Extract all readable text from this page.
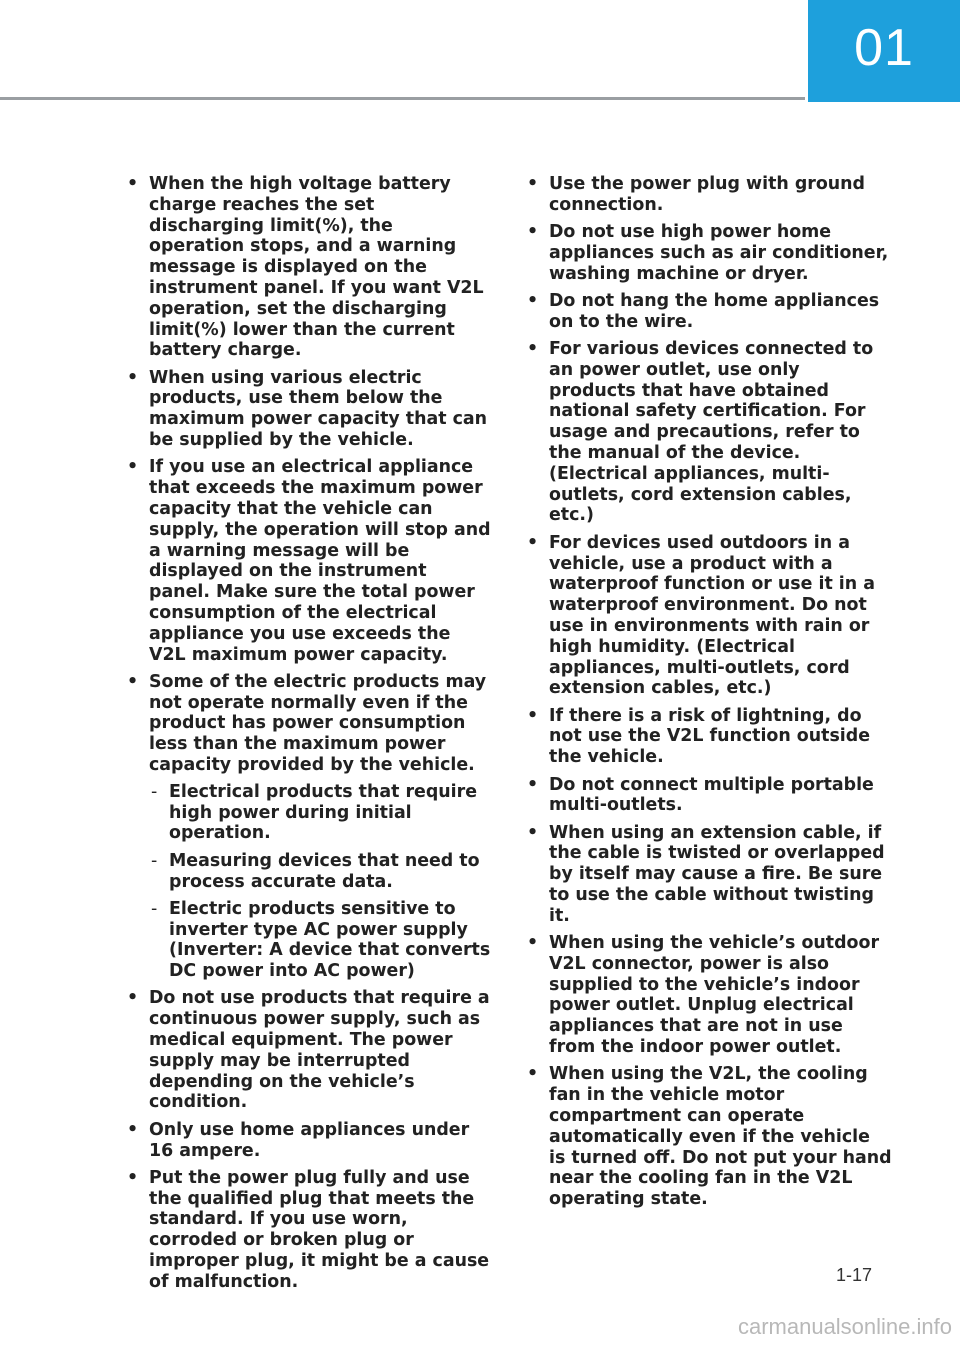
01
• When the high voltage battery charge reaches the set discharging limit(%), the operation stops, and a warning message is displayed on the instrument panel. If you want V2L operation, set the discharging limit(%) lower than the current battery charge.
• When using various electric products, use them below the maximum power capacity that can be supplied by the vehicle.
• If you use an electrical appliance that exceeds the maximum power capacity that the vehicle can supply, the operation will stop and a warning message will be displayed on the instrument panel. Make sure the total power consumption of the electrical appliance you use exceeds the V2L maximum power capacity.
• Some of the electric products may not operate normally even if the product has power consumption less than the maximum power capacity provided by the vehicle.
- Electrical products that require high power during initial operation.
- Measuring devices that need to process accurate data.
- Electric products sensitive to inverter type AC power supply (Inverter: A device that converts DC power into AC power)
• Do not use products that require a continuous power supply, such as medical equipment. The power supply may be interrupted depending on the vehicle’s condition.
• Only use home appliances under 16 ampere.
• Put the power plug fully and use the qualified plug that meets the standard. If you use worn, corroded or broken plug or improper plug, it might be a cause of malfunction.
• Use the power plug with ground connection.
• Do not use high power home appliances such as air conditioner, washing machine or dryer.
• Do not hang the home appliances on to the wire.
• For various devices connected to an power outlet, use only products that have obtained national safety certification. For usage and precautions, refer to the manual of the device. (Electrical appliances, multi-outlets, cord extension cables, etc.)
• For devices used outdoors in a vehicle, use a product with a waterproof function or use it in a waterproof environment. Do not use in environments with rain or high humidity. (Electrical appliances, multi-outlets, cord extension cables, etc.)
• If there is a risk of lightning, do not use the V2L function outside the vehicle.
• Do not connect multiple portable multi-outlets.
• When using an extension cable, if the cable is twisted or overlapped by itself may cause a fire. Be sure to use the cable without twisting it.
• When using the vehicle’s outdoor V2L connector, power is also supplied to the vehicle’s indoor power outlet. Unplug electrical appliances that are not in use from the indoor power outlet.
• When using the V2L, the cooling fan in the vehicle motor compartment can operate automatically even if the vehicle is turned off. Do not put your hand near the cooling fan in the V2L operating state.
1-17
carmanualsonline.info
